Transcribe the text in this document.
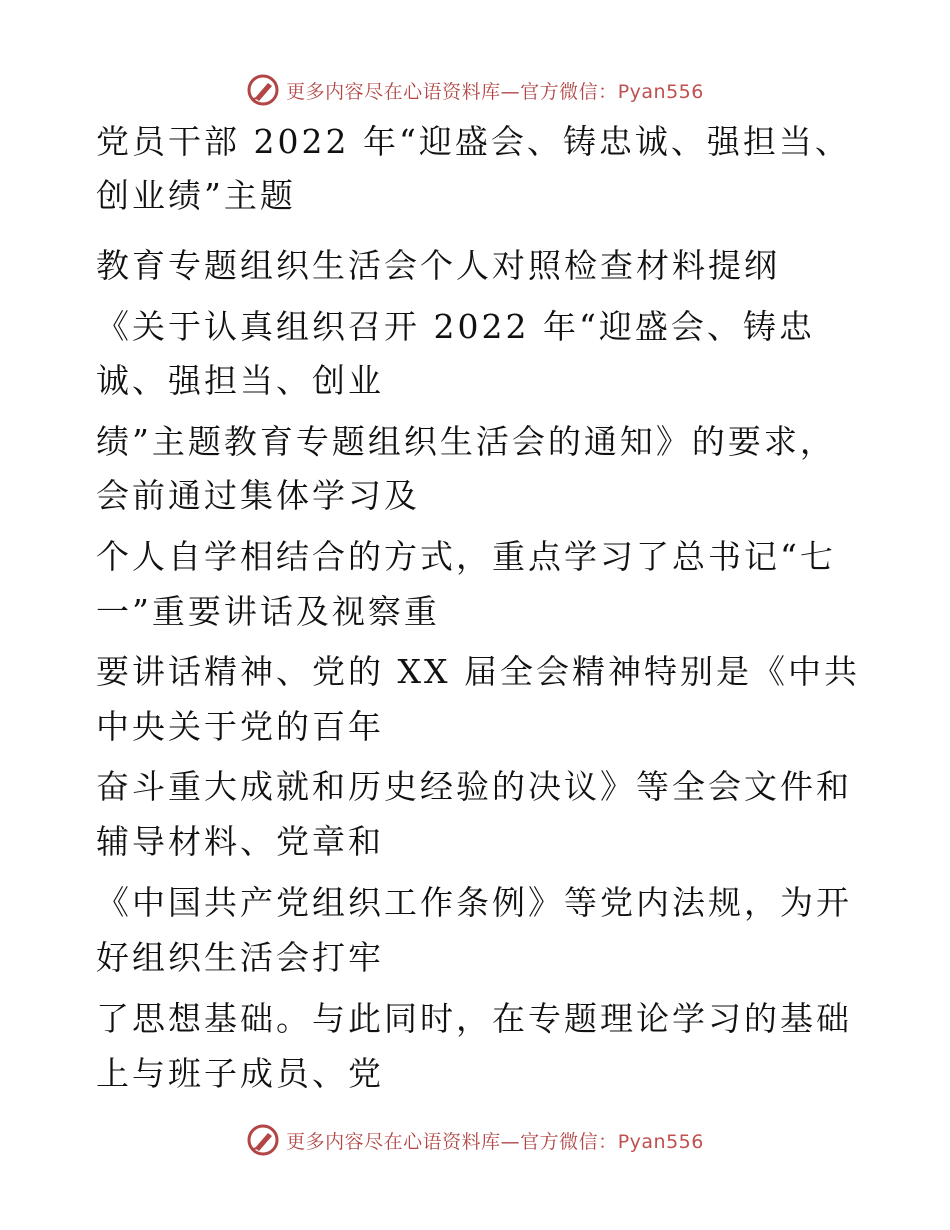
更多内容尽在心语资料库—官方微信：Pyan556
党员干部 2022 年“迎盛会、铸忠诚、强担当、
创业绩”主题
教育专题组织生活会个人对照检查材料提纲
《关于认真组织召开 2022 年“迎盛会、铸忠
诚、强担当、创业
绩”主题教育专题组织生活会的通知》的要求，
会前通过集体学习及
个人自学相结合的方式，重点学习了总书记“七
一”重要讲话及视察重
要讲话精神、党的 XX 届全会精神特别是《中共
中央关于党的百年
奋斗重大成就和历史经验的决议》等全会文件和
辅导材料、党章和
《中国共产党组织工作条例》等党内法规，为开
好组织生活会打牢
了思想基础。与此同时，在专题理论学习的基础
上与班子成员、党
更多内容尽在心语资料库—官方微信：Pyan556
